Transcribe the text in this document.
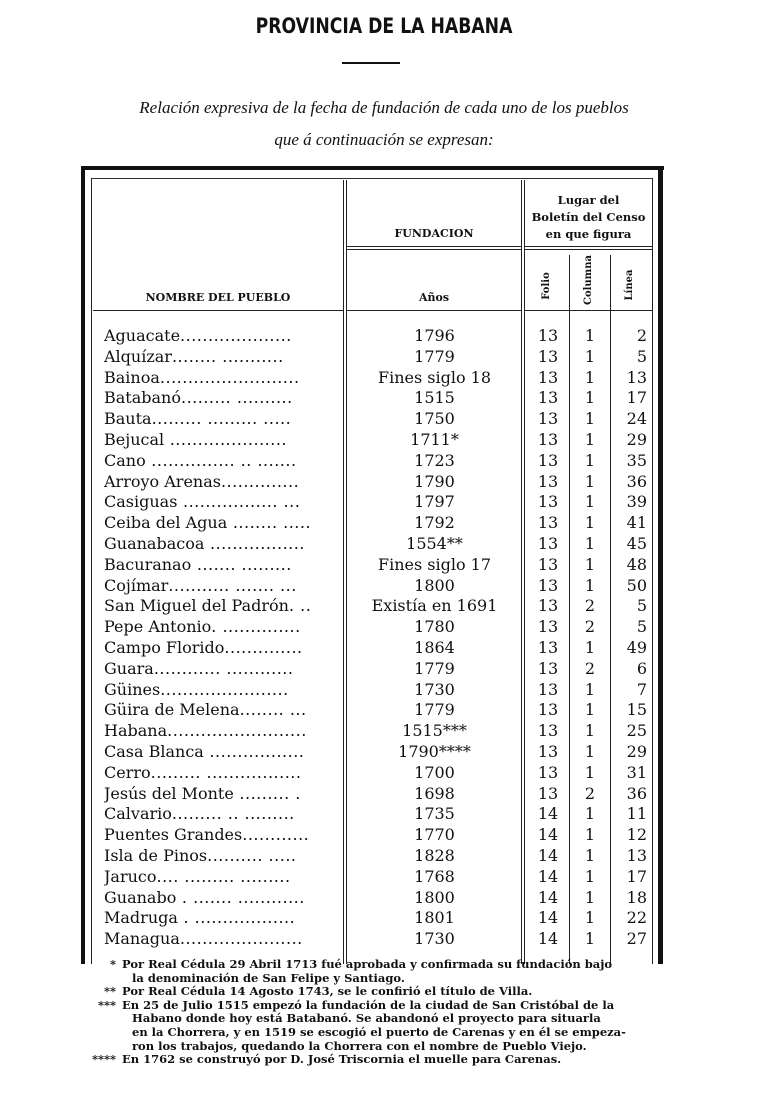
PROVINCIA DE LA HABANA
Relación expresiva de la fecha de fundación de cada uno de los pueblos
que á continuación se expresan:
NOMBRE DEL PUEBLO
FUNDACION
Años
Lugar del
Boletín del Censo
en que figura
Folio	Columna	Línea
Aguacate....................	1796	13	1	2
Alquízar........ ...........	1779	13	1	5
Bainoa.........................	Fines siglo 18	13	1	13
Batabanó......... ..........	1515	13	1	17
Bauta......... ......... .....	1750	13	1	24
Bejucal .....................	1711*	13	1	29
Cano ............... .. .......	1723	13	1	35
Arroyo Arenas..............	1790	13	1	36
Casiguas ................. ...	1797	13	1	39
Ceiba del Agua ........ .....	1792	13	1	41
Guanabacoa .................	1554**	13	1	45
Bacuranao ....... .........	Fines siglo 17	13	1	48
Cojímar........... ....... ...	1800	13	1	50
San Miguel del Padrón. ..	Existía en 1691	13	2	5
Pepe Antonio. ..............	1780	13	2	5
Campo Florido..............	1864	13	1	49
Guara............ ............	1779	13	2	6
Güines.......................	1730	13	1	7
Güira de Melena........ ...	1779	13	1	15
Habana.........................	1515***	13	1	25
Casa Blanca .................	1790****	13	1	29
Cerro......... .................	1700	13	1	31
Jesús del Monte ......... .	1698	13	2	36
Calvario......... .. .........	1735	14	1	11
Puentes Grandes............	1770	14	1	12
Isla de Pinos.......... .....	1828	14	1	13
Jaruco.... ......... .........	1768	14	1	17
Guanabo . ....... ............	1800	14	1	18
Madruga . ..................	1801	14	1	22
Managua......................	1730	14	1	27
* Por Real Cédula 29 Abril 1713 fué aprobada y confirmada su fundación bajo
la denominación de San Felipe y Santiago.
** Por Real Cédula 14 Agosto 1743, se le confirió el título de Villa.
*** En 25 de Julio 1515 empezó la fundación de la ciudad de San Cristóbal de la
Habano donde hoy está Batabanó. Se abandonó el proyecto para situarla
en la Chorrera, y en 1519 se escogió el puerto de Carenas y en él se empeza-
ron los trabajos, quedando la Chorrera con el nombre de Pueblo Viejo.
**** En 1762 se construyó por D. José Triscornia el muelle para Carenas.
